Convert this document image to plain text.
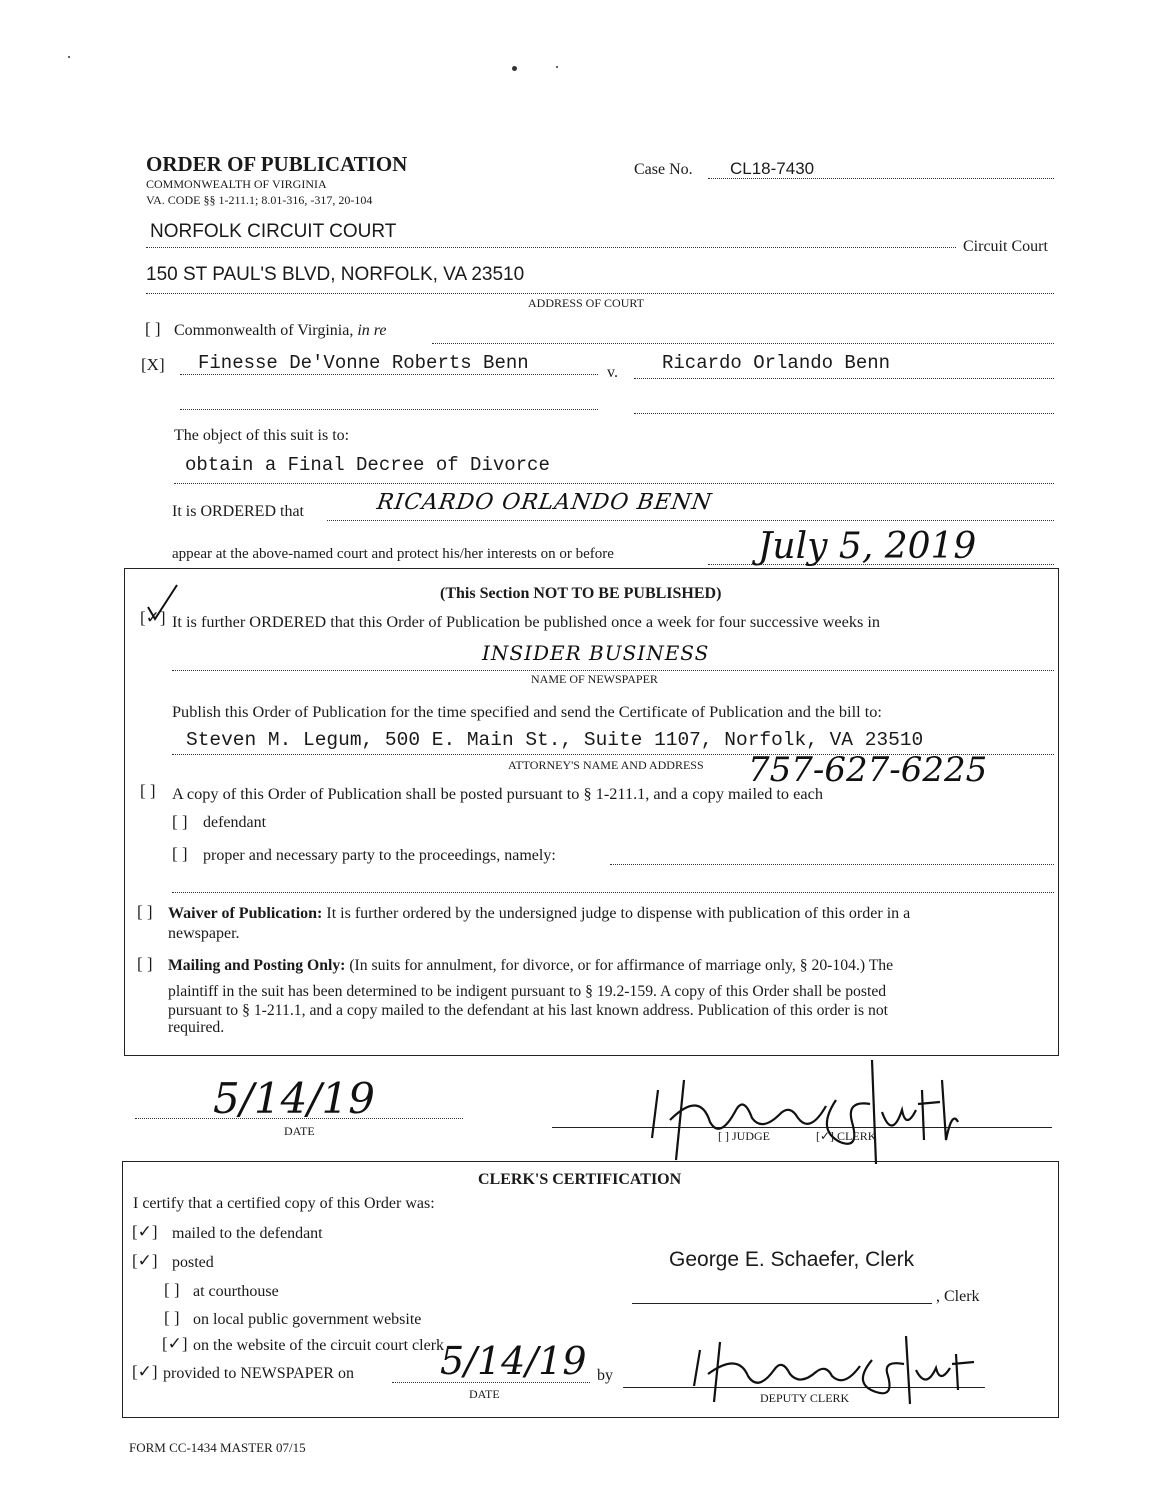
ORDER OF PUBLICATION
COMMONWEALTH OF VIRGINIA
VA. CODE §§ 1-211.1; 8.01-316, -317, 20-104
Case No. CL18-7430
NORFOLK CIRCUIT COURT
Circuit Court
150 ST PAUL'S BLVD, NORFOLK, VA 23510
ADDRESS OF COURT
[ ] Commonwealth of Virginia, in re
[X] Finesse De'Vonne Roberts Benn	v. Ricardo Orlando Benn
The object of this suit is to:
obtain a Final Decree of Divorce
It is ORDERED that	RICARDO ORLANDO BENN
appear at the above-named court and protect his/her interests on or before	July 5, 2019
(This Section NOT TO BE PUBLISHED)
[✓] It is further ORDERED that this Order of Publication be published once a week for four successive weeks in
INSIDER BUSINESS
NAME OF NEWSPAPER
Publish this Order of Publication for the time specified and send the Certificate of Publication and the bill to:
Steven M. Legum, 500 E. Main St., Suite 1107, Norfolk, VA 23510
ATTORNEY'S NAME AND ADDRESS 757-627-6225
[ ] A copy of this Order of Publication shall be posted pursuant to § 1-211.1, and a copy mailed to each
[ ] defendant
[ ] proper and necessary party to the proceedings, namely:
[ ] Waiver of Publication: It is further ordered by the undersigned judge to dispense with publication of this order in a
newspaper.
[ ] Mailing and Posting Only: (In suits for annulment, for divorce, or for affirmance of marriage only, § 20-104.) The
plaintiff in the suit has been determined to be indigent pursuant to § 19.2-159. A copy of this Order shall be posted
pursuant to § 1-211.1, and a copy mailed to the defendant at his last known address. Publication of this order is not
required.
5/14/19
DATE	[ ] JUDGE	[✓] CLERK
CLERK'S CERTIFICATION
I certify that a certified copy of this Order was:
[✓] mailed to the defendant
[✓] posted
[ ] at courthouse
[ ] on local public government website
[✓] on the website of the circuit court clerk
[✓] provided to NEWSPAPER on 5/14/19
DATE
by
George E. Schaefer, Clerk
, Clerk
DEPUTY CLERK
FORM CC-1434 MASTER 07/15
